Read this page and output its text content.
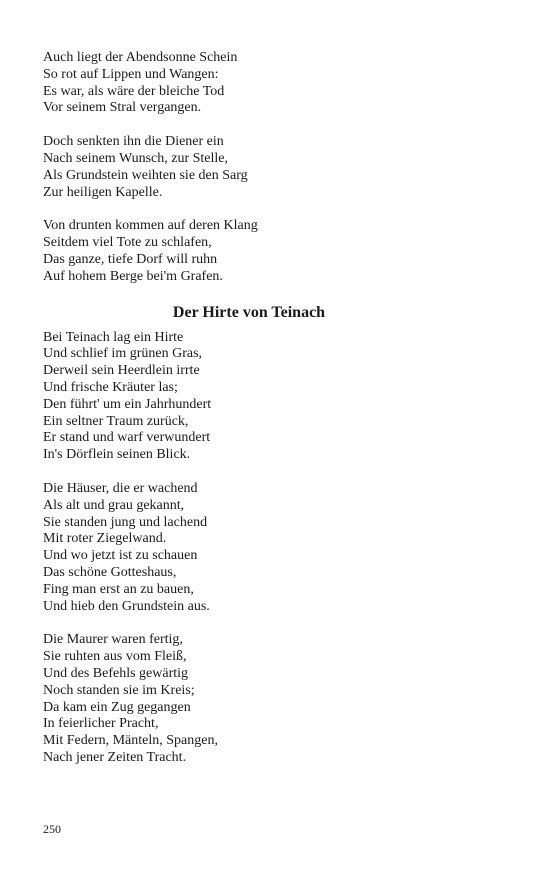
Auch liegt der Abendsonne Schein
So rot auf Lippen und Wangen:
Es war, als wäre der bleiche Tod
Vor seinem Stral vergangen.
Doch senkten ihn die Diener ein
Nach seinem Wunsch, zur Stelle,
Als Grundstein weihten sie den Sarg
Zur heiligen Kapelle.
Von drunten kommen auf deren Klang
Seitdem viel Tote zu schlafen,
Das ganze, tiefe Dorf will ruhn
Auf hohem Berge bei'm Grafen.
Der Hirte von Teinach
Bei Teinach lag ein Hirte
Und schlief im grünen Gras,
Derweil sein Heerdlein irrte
Und frische Kräuter las;
Den führt' um ein Jahrhundert
Ein seltner Traum zurück,
Er stand und warf verwundert
In's Dörflein seinen Blick.
Die Häuser, die er wachend
Als alt und grau gekannt,
Sie standen jung und lachend
Mit roter Ziegelwand.
Und wo jetzt ist zu schauen
Das schöne Gotteshaus,
Fing man erst an zu bauen,
Und hieb den Grundstein aus.
Die Maurer waren fertig,
Sie ruhten aus vom Fleiß,
Und des Befehls gewärtig
Noch standen sie im Kreis;
Da kam ein Zug gegangen
In feierlicher Pracht,
Mit Federn, Mänteln, Spangen,
Nach jener Zeiten Tracht.
250
